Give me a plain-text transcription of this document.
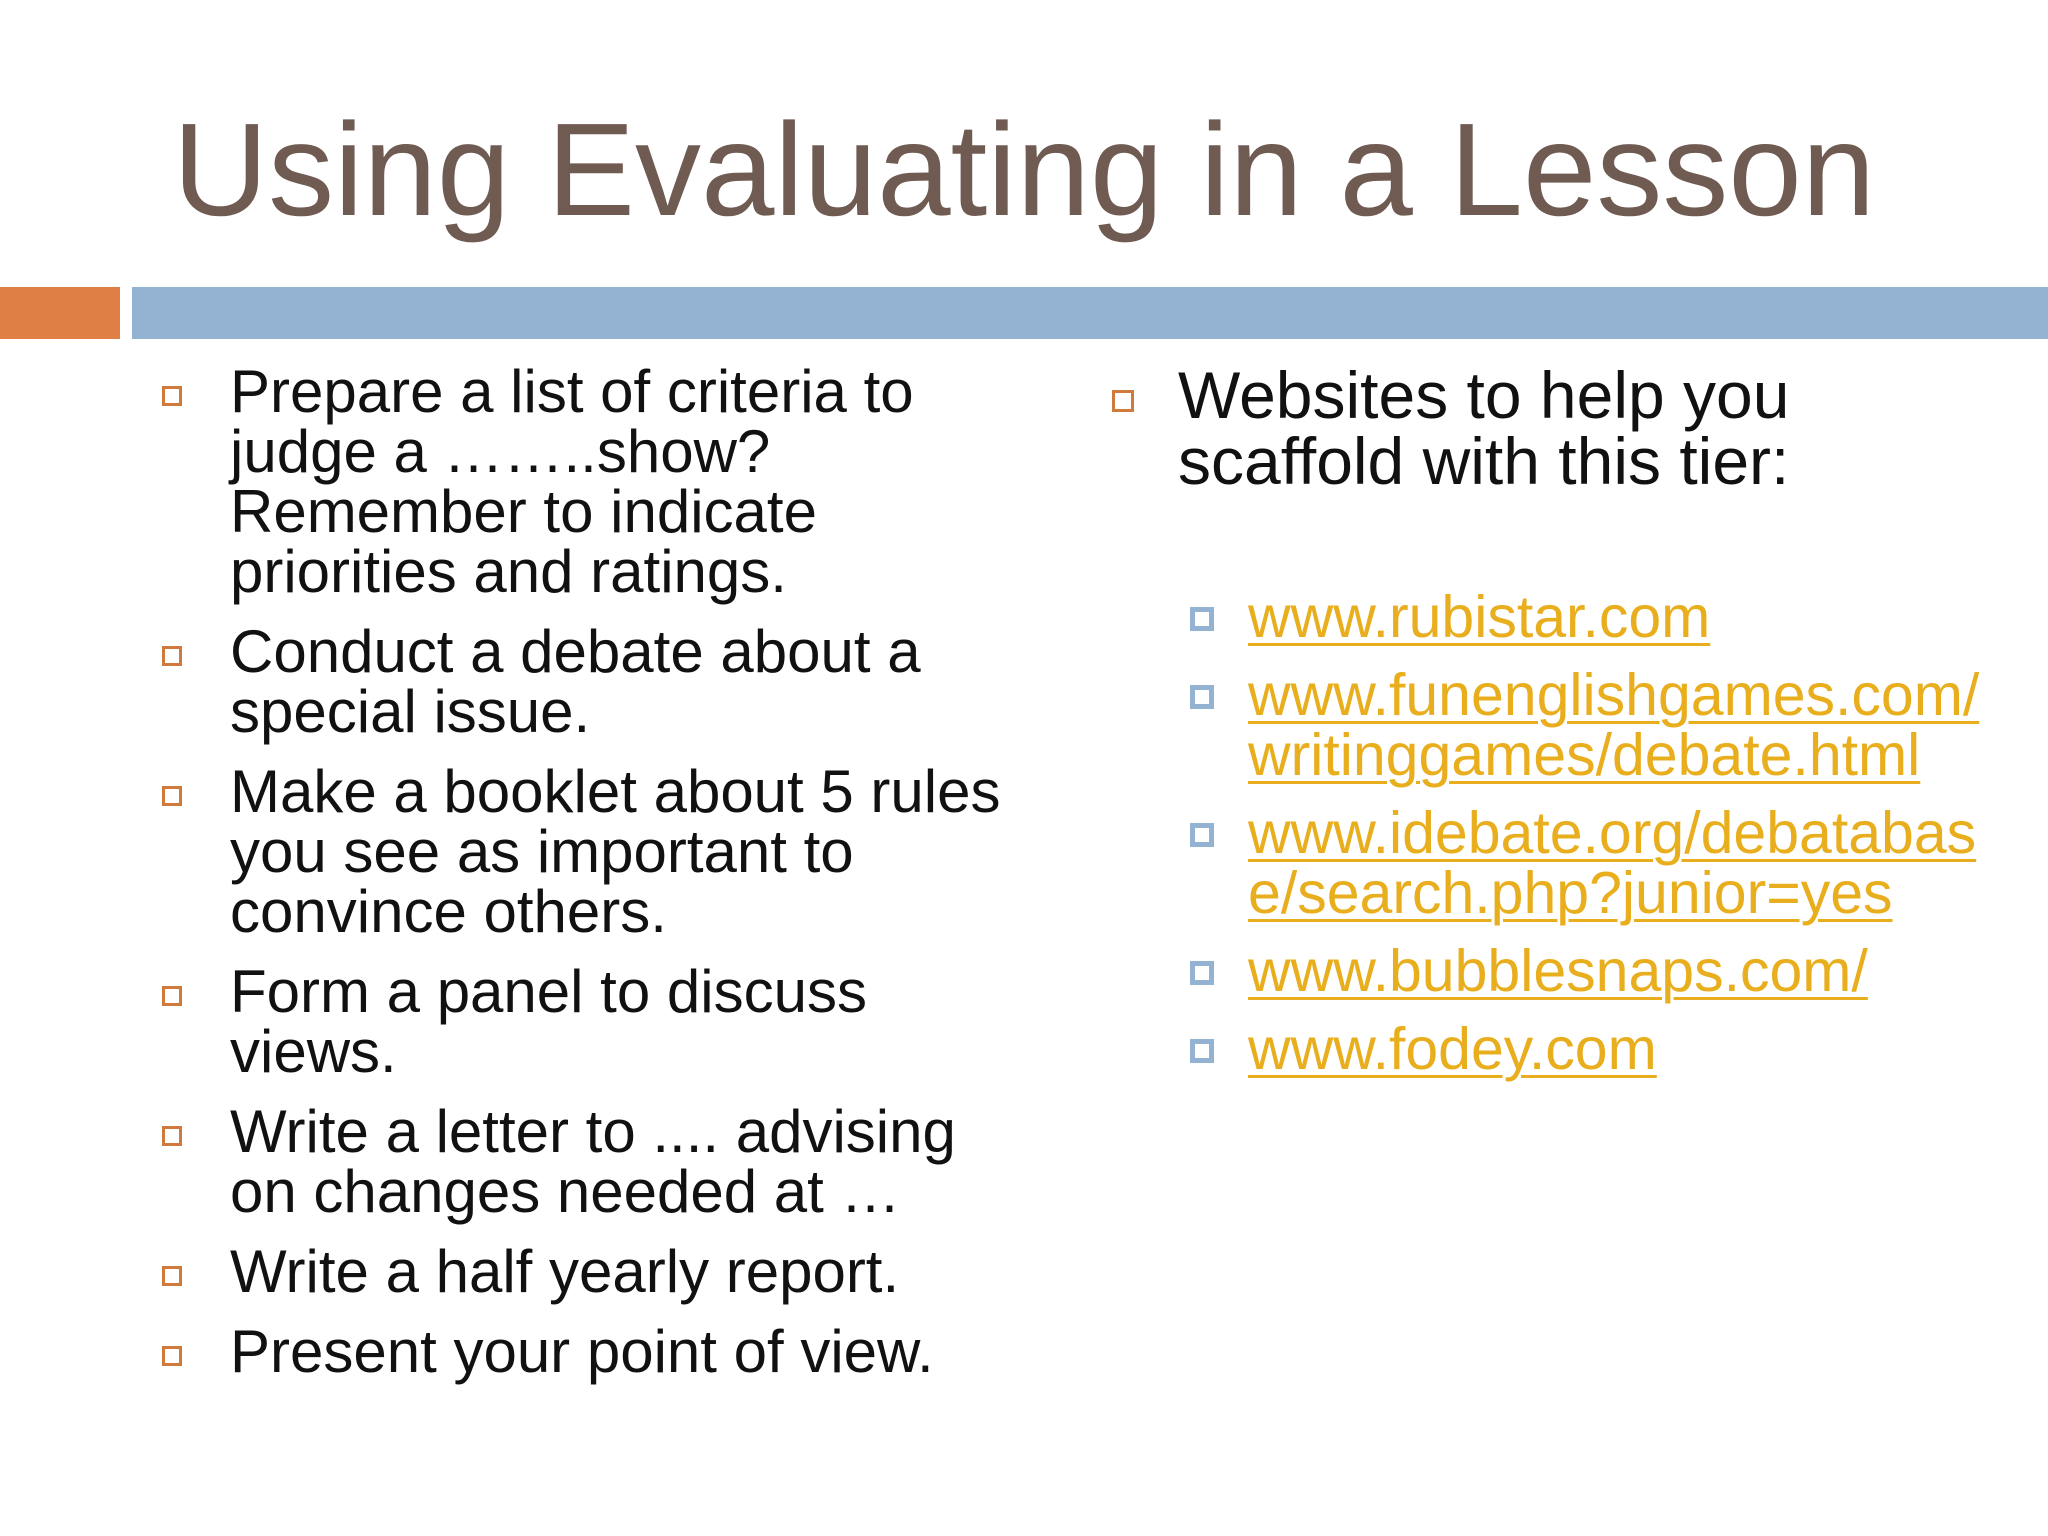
Using Evaluating in a Lesson
Prepare a list of criteria to judge a ……..show? Remember to indicate priorities and ratings.
Conduct a debate about a special issue.
Make a booklet about 5 rules you see as important to convince others.
Form a panel to discuss views.
Write a letter to .... advising on changes needed at …
Write a half yearly report.
Present your point of view.
Websites to help you scaffold with this tier:
www.rubistar.com
www.funenglishgames.com/writinggames/debate.html
www.idebate.org/debatabase/search.php?junior=yes
www.bubblesnaps.com/
www.fodey.com
